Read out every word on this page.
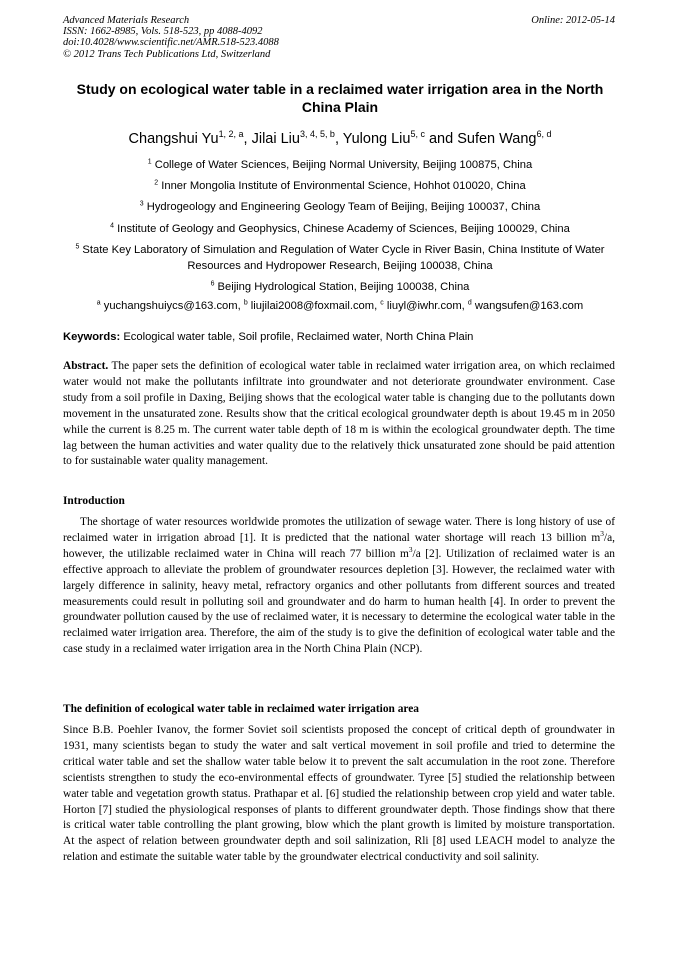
Advanced Materials Research
ISSN: 1662-8985, Vols. 518-523, pp 4088-4092
doi:10.4028/www.scientific.net/AMR.518-523.4088
© 2012 Trans Tech Publications Ltd, Switzerland
Online: 2012-05-14
Study on ecological water table in a reclaimed water irrigation area in the North China Plain
Changshui Yu$^{1, 2, a}$, Jilai Liu$^{3, 4, 5, b}$, Yulong Liu$^{5, c}$ and Sufen Wang$^{6, d}$
$^1$ College of Water Sciences, Beijing Normal University, Beijing 100875, China
$^2$ Inner Mongolia Institute of Environmental Science, Hohhot 010020, China
$^3$ Hydrogeology and Engineering Geology Team of Beijing, Beijing 100037, China
$^4$ Institute of Geology and Geophysics, Chinese Academy of Sciences, Beijing 100029, China
$^5$ State Key Laboratory of Simulation and Regulation of Water Cycle in River Basin, China Institute of Water Resources and Hydropower Research, Beijing 100038, China
$^6$ Beijing Hydrological Station, Beijing 100038, China
$^a$ yuchangshuiycs@163.com, $^b$ liujilai2008@foxmail.com, $^c$ liuyl@iwhr.com, $^d$ wangsufen@163.com
Keywords: Ecological water table, Soil profile, Reclaimed water, North China Plain

Abstract. The paper sets the definition of ecological water table in reclaimed water irrigation area, on which reclaimed water would not make the pollutants infiltrate into groundwater and not deteriorate groundwater environment. Case study from a soil profile in Daxing, Beijing shows that the ecological water table is changing due to the pollutants down movement in the unsaturated zone. Results show that the critical ecological groundwater depth is about 19.45 m in 2050 while the current is 8.25 m. The current water table depth of 18 m is within the ecological groundwater depth. The time lag between the human activities and water quality due to the relatively thick unsaturated zone should be paid attention to for sustainable water quality management.

Introduction

The shortage of water resources worldwide promotes the utilization of sewage water. There is long history of use of reclaimed water in irrigation abroad [1]. It is predicted that the national water shortage will reach 13 billion $m^3/a$, however, the utilizable reclaimed water in China will reach 77 billion $m^3/a$ [2]. Utilization of reclaimed water is an effective approach to alleviate the problem of groundwater resources depletion [3]. However, the reclaimed water with largely difference in salinity, heavy metal, refractory organics and other pollutants from different sources and treated measurements could result in polluting soil and groundwater and do harm to human health [4]. In order to prevent the groundwater pollution caused by the use of reclaimed water, it is necessary to determine the ecological water table in the reclaimed water irrigation area. Therefore, the aim of the study is to give the definition of ecological water table and the case study in a reclaimed water irrigation area in the North China Plain (NCP).

The definition of ecological water table in reclaimed water irrigation area

Since B.B. Poehler Ivanov, the former Soviet soil scientists proposed the concept of critical depth of groundwater in 1931, many scientists began to study the water and salt vertical movement in soil profile and tried to determine the critical water table and set the shallow water table below it to prevent the salt accumulation in the root zone. Therefore scientists strengthen to study the eco-environmental effects of groundwater. Tyree [5] studied the relationship between water table and vegetation growth status. Prathapar et al. [6] studied the relationship between crop yield and water table. Horton [7] studied the physiological responses of plants to different groundwater depth. Those findings show that there is critical water table controlling the plant growing, blow which the plant growth is limited by moisture transportation. At the aspect of relation between groundwater depth and soil salinization, Rli [8] used LEACH model to analyze the relation and estimate the suitable water table by the groundwater electrical conductivity and soil salinity.
